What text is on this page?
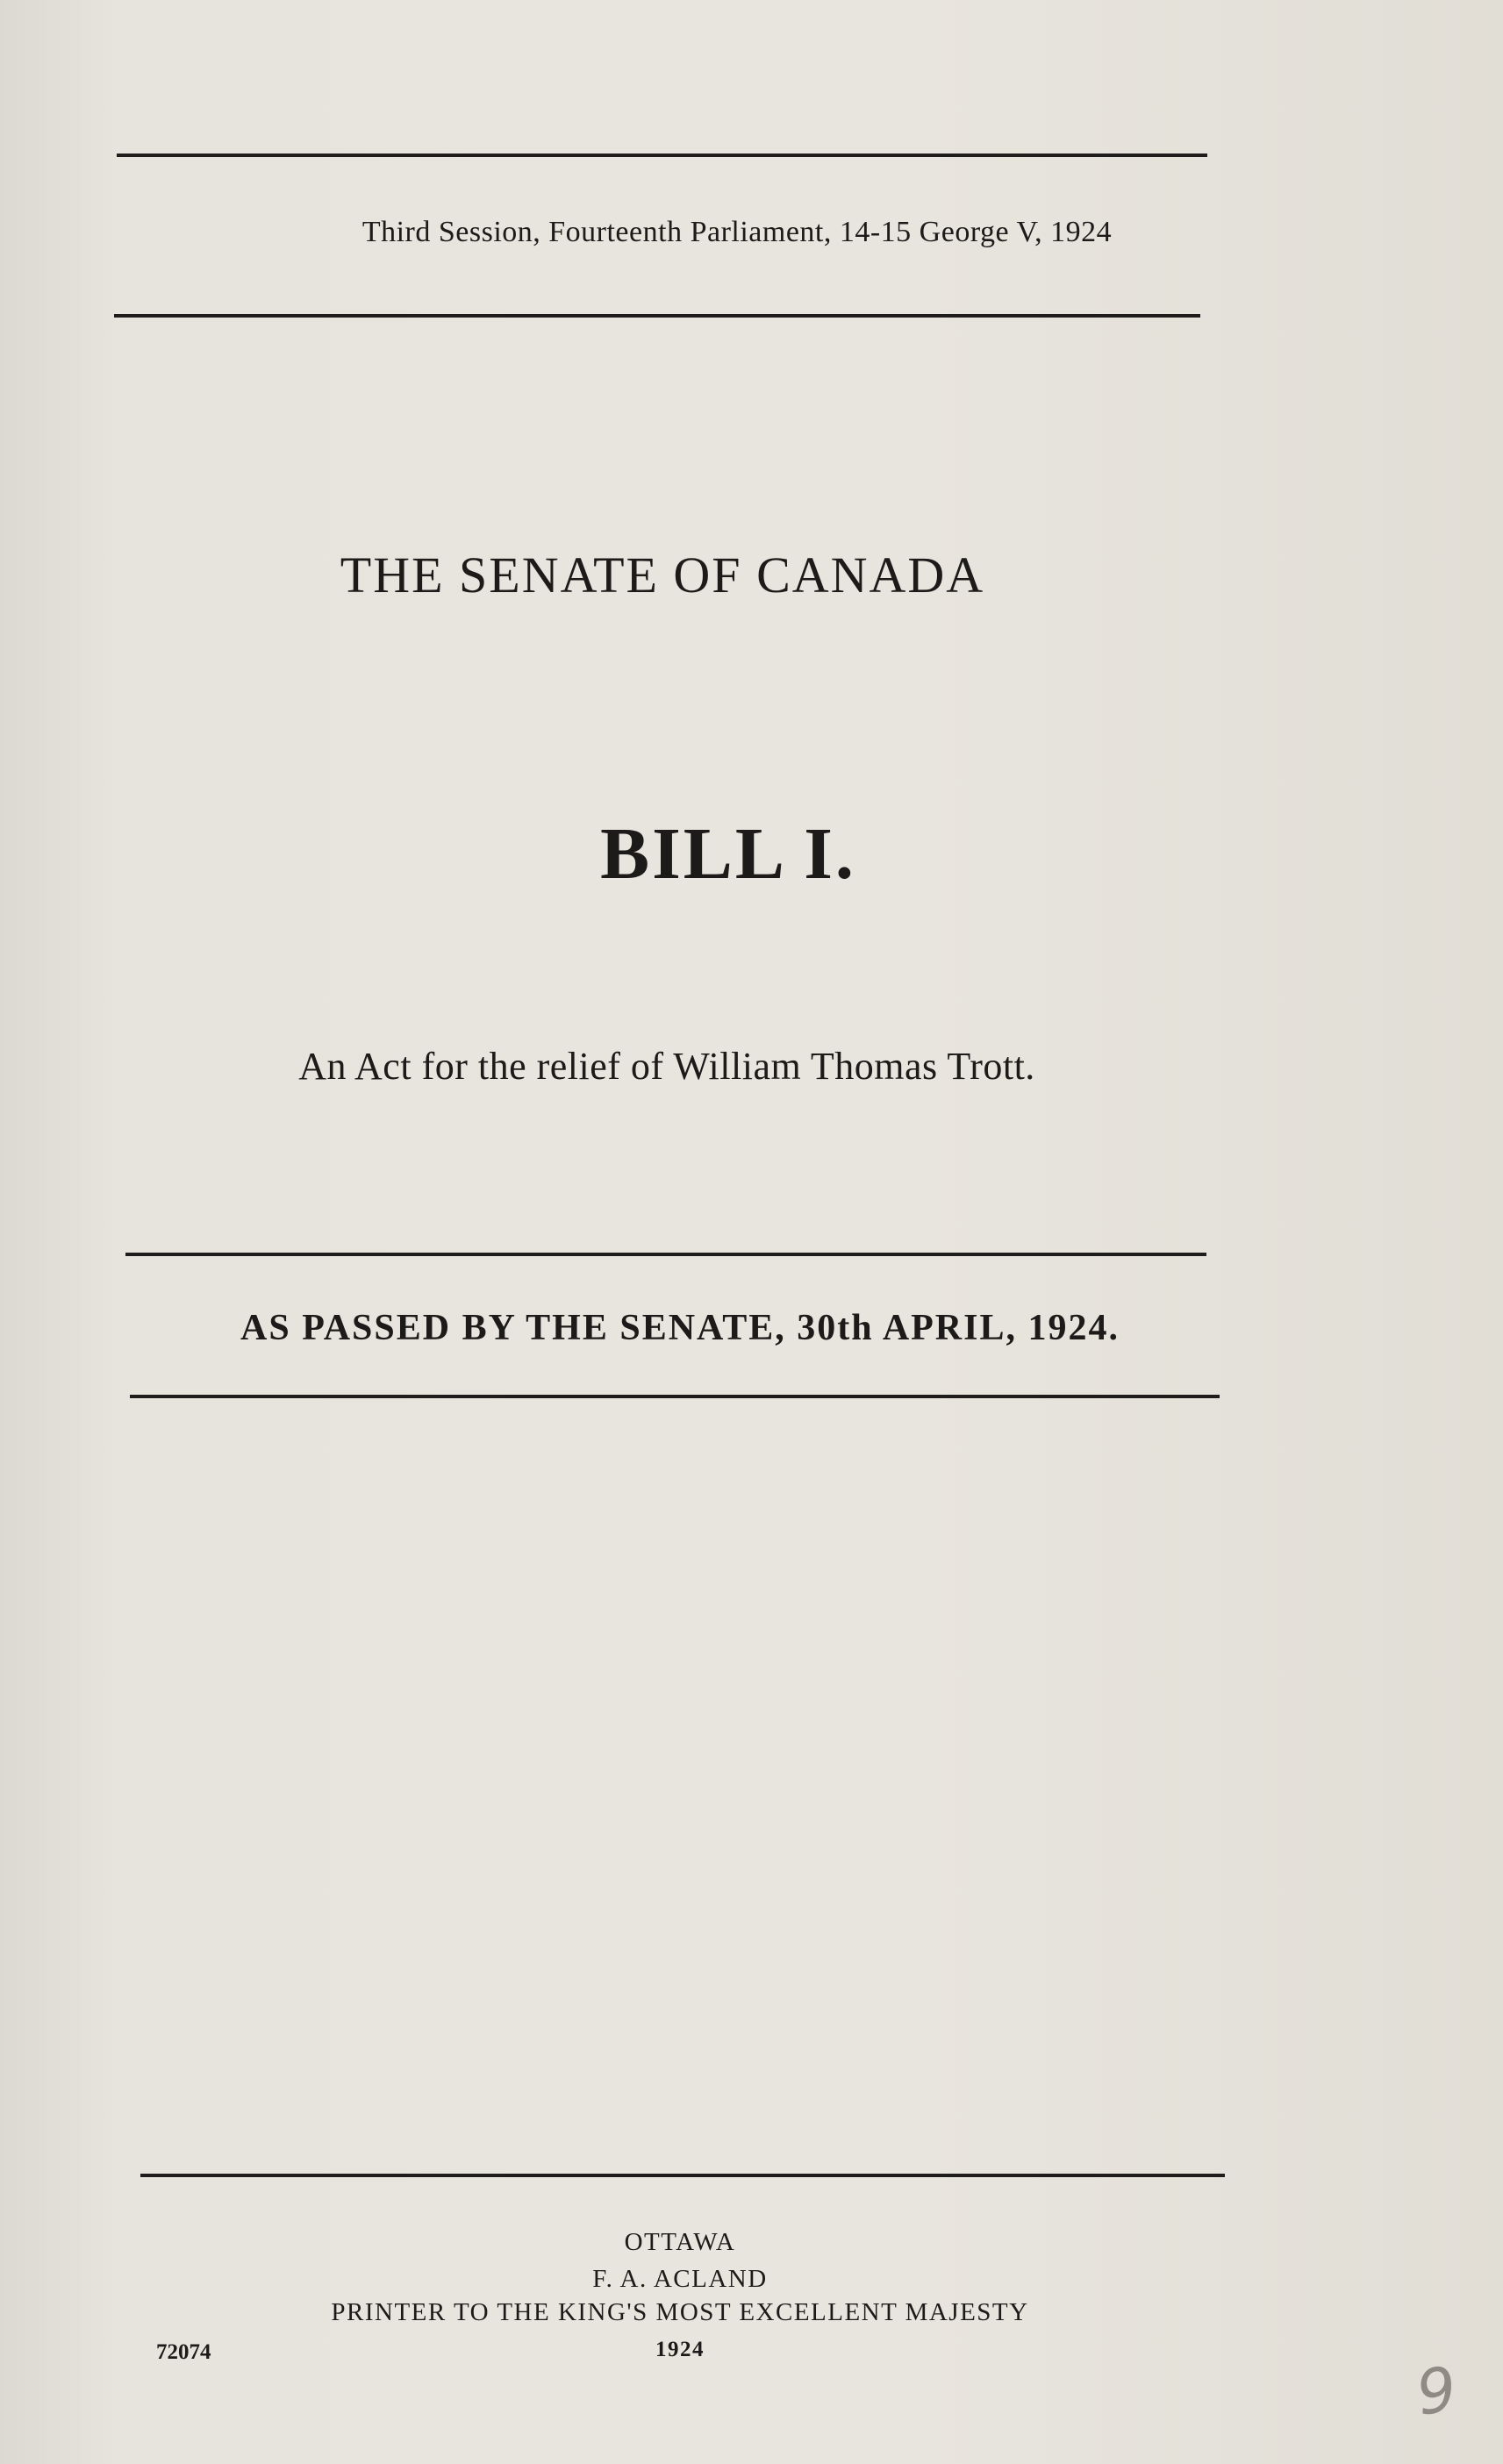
Third Session, Fourteenth Parliament, 14-15 George V, 1924
THE SENATE OF CANADA
BILL I.
An Act for the relief of William Thomas Trott.
AS PASSED BY THE SENATE, 30th APRIL, 1924.
OTTAWA
F. A. ACLAND
PRINTER TO THE KING'S MOST EXCELLENT MAJESTY
1924
72074
9
